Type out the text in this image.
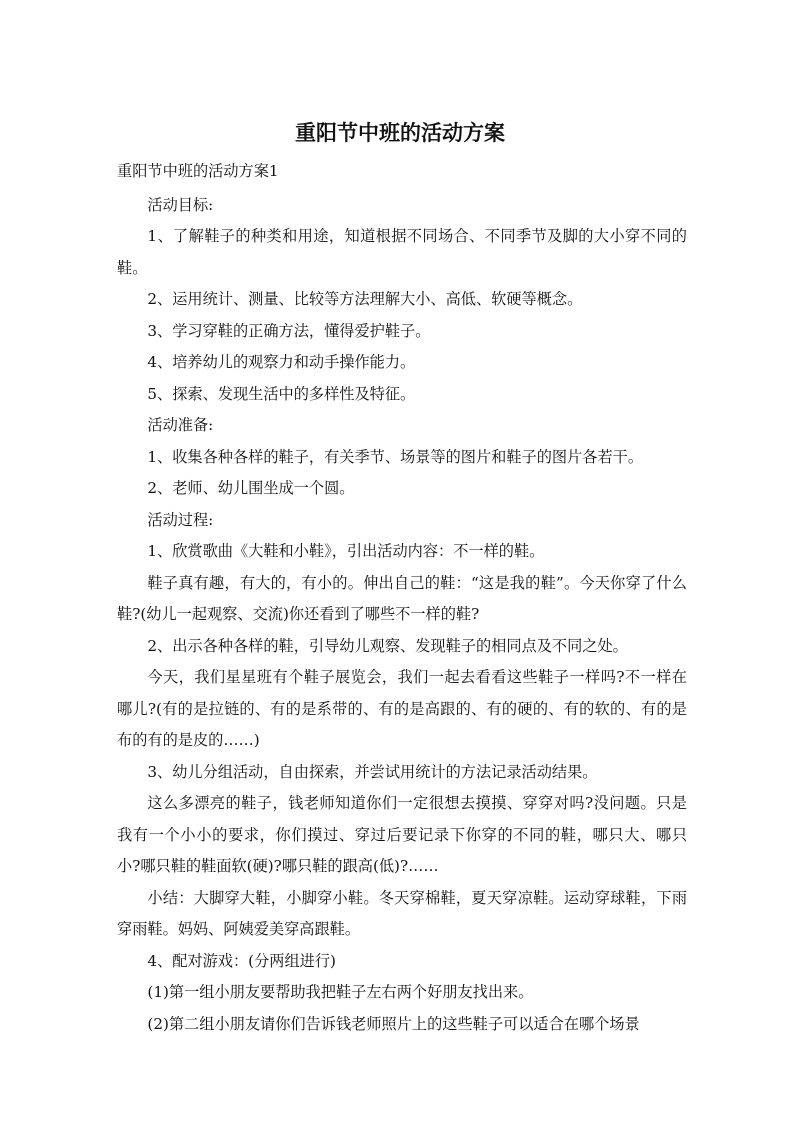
重阳节中班的活动方案

重阳节中班的活动方案1

活动目标:

1、了解鞋子的种类和用途，知道根据不同场合、不同季节及脚的大小穿不同的鞋。

2、运用统计、测量、比较等方法理解大小、高低、软硬等概念。

3、学习穿鞋的正确方法，懂得爱护鞋子。

4、培养幼儿的观察力和动手操作能力。

5、探索、发现生活中的多样性及特征。

活动准备:

1、收集各种各样的鞋子，有关季节、场景等的图片和鞋子的图片各若干。

2、老师、幼儿围坐成一个圆。

活动过程:

1、欣赏歌曲《大鞋和小鞋》，引出活动内容：不一样的鞋。

鞋子真有趣，有大的，有小的。伸出自己的鞋：“这是我的鞋”。今天你穿了什么鞋?(幼儿一起观察、交流)你还看到了哪些不一样的鞋?

2、出示各种各样的鞋，引导幼儿观察、发现鞋子的相同点及不同之处。

今天，我们星星班有个鞋子展览会，我们一起去看看这些鞋子一样吗?不一样在哪儿?(有的是拉链的、有的是系带的、有的是高跟的、有的硬的、有的软的、有的是布的有的是皮的……)

3、幼儿分组活动，自由探索，并尝试用统计的方法记录活动结果。

这么多漂亮的鞋子，钱老师知道你们一定很想去摸摸、穿穿对吗?没问题。只是我有一个小小的要求，你们摸过、穿过后要记录下你穿的不同的鞋，哪只大、哪只小?哪只鞋的鞋面软(硬)?哪只鞋的跟高(低)?……

小结：大脚穿大鞋，小脚穿小鞋。冬天穿棉鞋，夏天穿凉鞋。运动穿球鞋，下雨穿雨鞋。妈妈、阿姨爱美穿高跟鞋。

4、配对游戏：(分两组进行)

(1)第一组小朋友要帮助我把鞋子左右两个好朋友找出来。

(2)第二组小朋友请你们告诉钱老师照片上的这些鞋子可以适合在哪个场景
